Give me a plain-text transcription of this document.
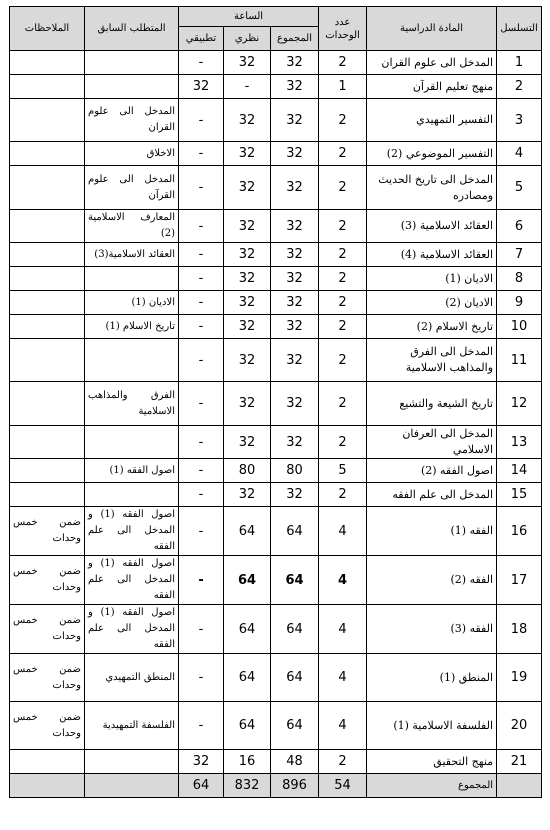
التسلسل	المادة الدراسية	عدد الوحدات	الساعة			المتطلب السابق	الملاحظات
			المجموع	نظري	تطبيقي		
1	المدخل الى علوم القران	2	32	32	-		
2	منهج تعليم القرآن	1	32	-	32		
3	التفسير التمهيدي	2	32	32	-	المدخل الى علوم القران	
4	التفسير الموضوعي (2)	2	32	32	-	الاخلاق	
5	المدخل الى تاريخ الحديث ومصادره	2	32	32	-	المدخل الى علوم القرآن	
6	العقائد الاسلامية (3)	2	32	32	-	المعارف الاسلامية (2)	
7	العقائد الاسلامية (4)	2	32	32	-	العقائد الاسلامية(3)	
8	الاديان (1)	2	32	32	-		
9	الاديان (2)	2	32	32	-	الاديان (1)	
10	تاريخ الاسلام (2)	2	32	32	-	تاريخ الاسلام (1)	
11	المدخل الى الفرق والمذاهب الاسلامية	2	32	32	-		
12	تاريخ الشيعة والتشيع	2	32	32	-	الفرق والمذاهب الاسلامية	
13	المدخل الى العرفان الاسلامي	2	32	32	-		
14	اصول الفقه (2)	5	80	80	-	اصول الفقه (1)	
15	المدخل الى علم الفقه	2	32	32	-		
16	الفقه (1)	4	64	64	-	اصول الفقه (1) و المدخل الى علم الفقه	ضمن خمس وحدات
17	الفقه (2)	4	64	64	-	اصول الفقه (1) و المدخل الى علم الفقه	ضمن خمس وحدات
18	الفقه (3)	4	64	64	-	اصول الفقه (1) و المدخل الى علم الفقه	ضمن خمس وحدات
19	المنطق (1)	4	64	64	-	المنطق التمهيدي	ضمن خمس وحدات
20	الفلسفة الاسلامية (1)	4	64	64	-	الفلسفة التمهيدية	ضمن خمس وحدات
21	منهج التحقيق	2	48	16	32		
	المجموع	54	896	832	64		
